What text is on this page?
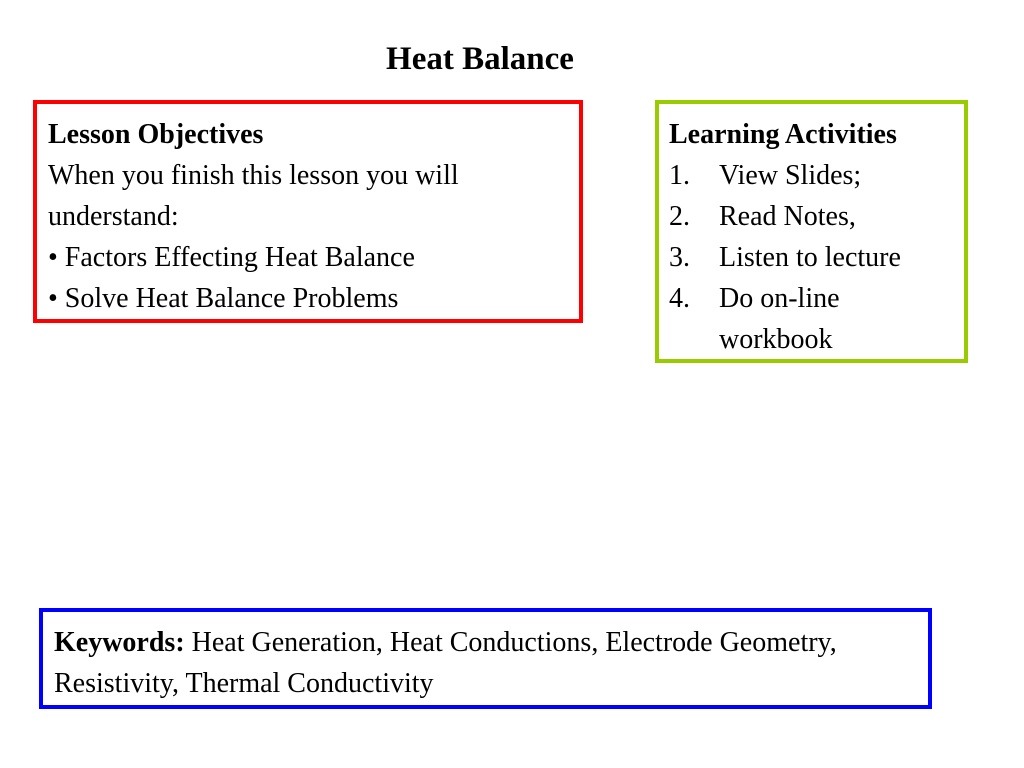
Heat Balance
Lesson Objectives
When you finish this lesson you will
understand:
• Factors Effecting Heat Balance
• Solve Heat Balance Problems
Learning Activities
1.	View Slides;
2.	Read Notes,
3.	Listen to lecture
4.	Do on-line workbook
Keywords: Heat Generation, Heat Conductions, Electrode Geometry, Resistivity, Thermal Conductivity
